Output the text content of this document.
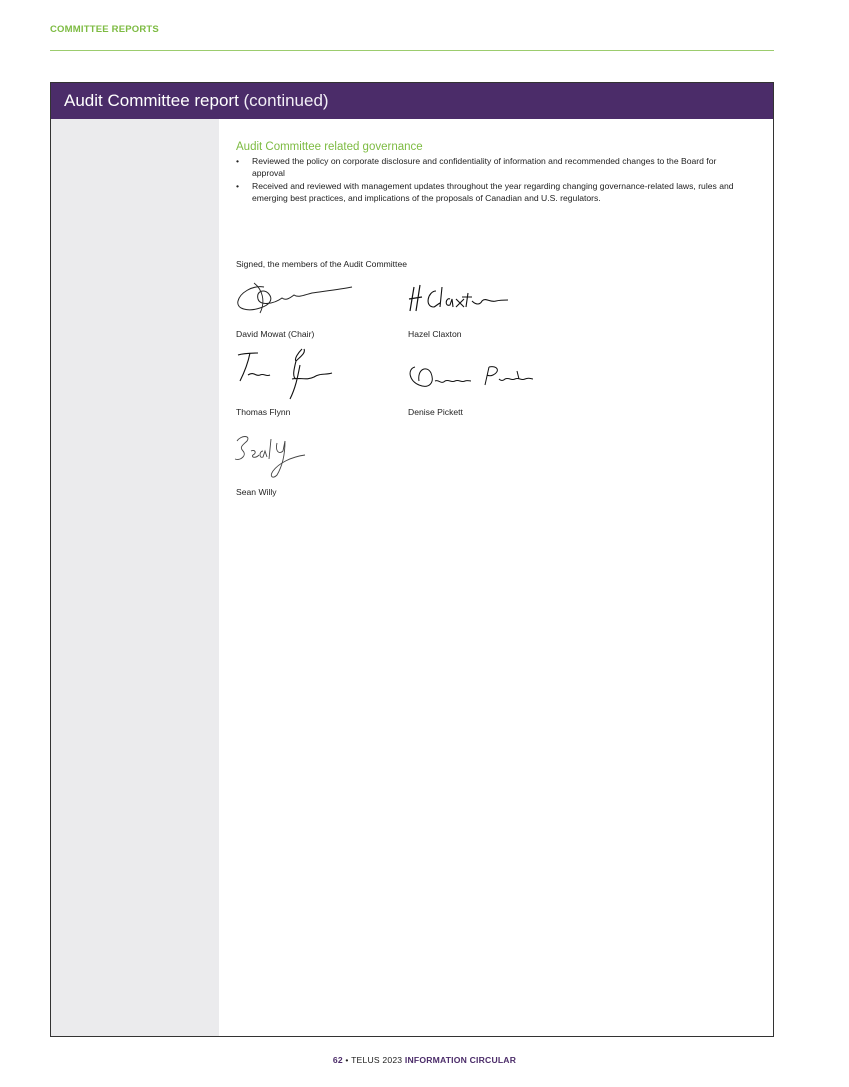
COMMITTEE REPORTS
Audit Committee report (continued)
Audit Committee related governance
• Reviewed the policy on corporate disclosure and confidentiality of information and recommended changes to the Board for approval
• Received and reviewed with management updates throughout the year regarding changing governance-related laws, rules and emerging best practices, and implications of the proposals of Canadian and U.S. regulators.
Signed, the members of the Audit Committee
David Mowat (Chair)	Hazel Claxton
Thomas Flynn	Denise Pickett
Sean Willy
62 • TELUS 2023 INFORMATION CIRCULAR
